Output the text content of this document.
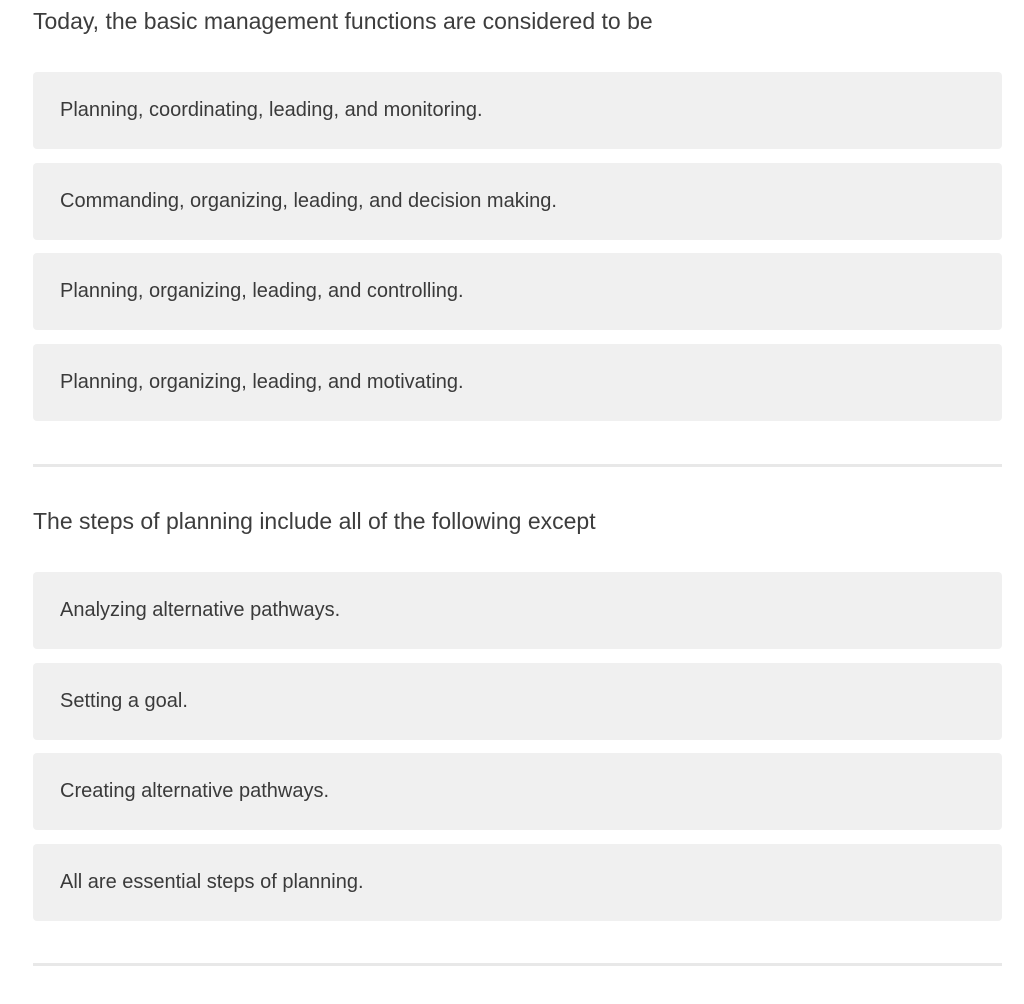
Today, the basic management functions are considered to be
Planning, coordinating, leading, and monitoring.
Commanding, organizing, leading, and decision making.
Planning, organizing, leading, and controlling.
Planning, organizing, leading, and motivating.
The steps of planning include all of the following except
Analyzing alternative pathways.
Setting a goal.
Creating alternative pathways.
All are essential steps of planning.
